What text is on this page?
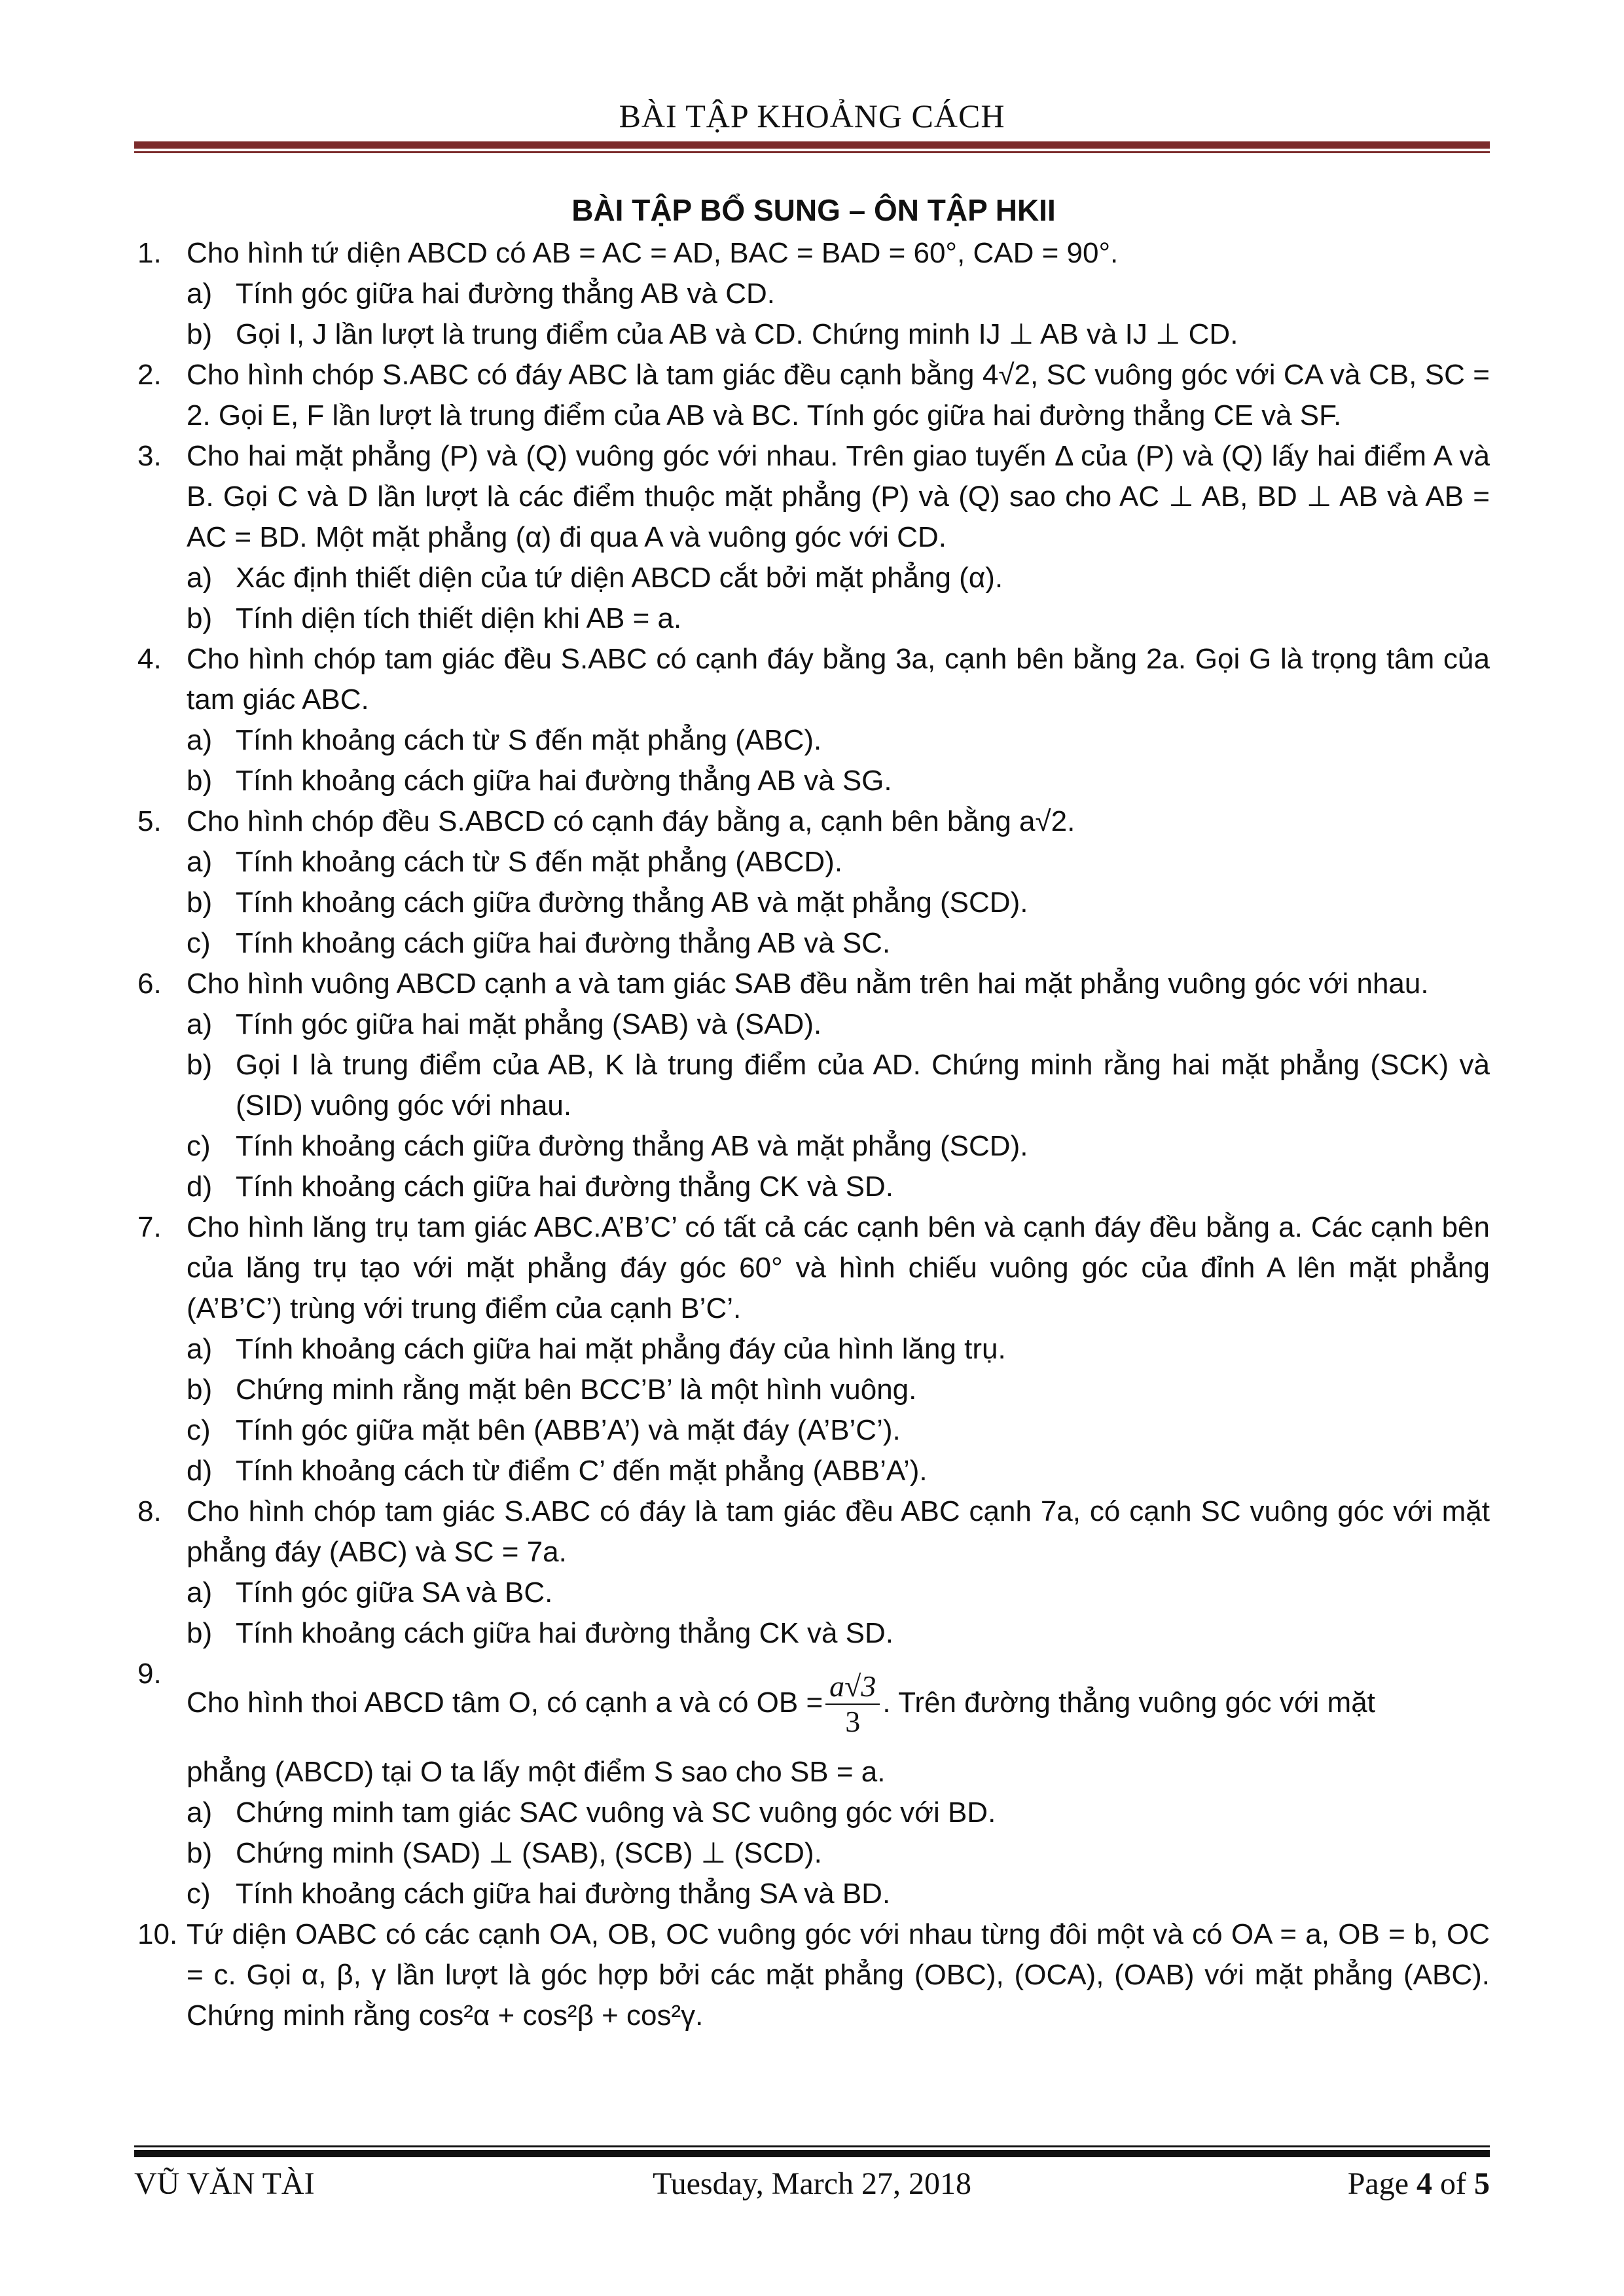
BÀI TẬP KHOẢNG CÁCH
BÀI TẬP BỔ SUNG – ÔN TẬP HKII
1. Cho hình tứ diện ABCD có AB = AC = AD, BAC = BAD = 60°, CAD = 90°.
a) Tính góc giữa hai đường thẳng AB và CD.
b) Gọi I, J lần lượt là trung điểm của AB và CD. Chứng minh IJ ⊥ AB và IJ ⊥ CD.
2. Cho hình chóp S.ABC có đáy ABC là tam giác đều cạnh bằng 4√2, SC vuông góc với CA và CB, SC = 2. Gọi E, F lần lượt là trung điểm của AB và BC. Tính góc giữa hai đường thẳng CE và SF.
3. Cho hai mặt phẳng (P) và (Q) vuông góc với nhau. Trên giao tuyến Δ của (P) và (Q) lấy hai điểm A và B. Gọi C và D lần lượt là các điểm thuộc mặt phẳng (P) và (Q) sao cho AC ⊥ AB, BD ⊥ AB và AB = AC = BD. Một mặt phẳng (α) đi qua A và vuông góc với CD.
a) Xác định thiết diện của tứ diện ABCD cắt bởi mặt phẳng (α).
b) Tính diện tích thiết diện khi AB = a.
4. Cho hình chóp tam giác đều S.ABC có cạnh đáy bằng 3a, cạnh bên bằng 2a. Gọi G là trọng tâm của tam giác ABC.
a) Tính khoảng cách từ S đến mặt phẳng (ABC).
b) Tính khoảng cách giữa hai đường thẳng AB và SG.
5. Cho hình chóp đều S.ABCD có cạnh đáy bằng a, cạnh bên bằng a√2.
a) Tính khoảng cách từ S đến mặt phẳng (ABCD).
b) Tính khoảng cách giữa đường thẳng AB và mặt phẳng (SCD).
c) Tính khoảng cách giữa hai đường thẳng AB và SC.
6. Cho hình vuông ABCD cạnh a và tam giác SAB đều nằm trên hai mặt phẳng vuông góc với nhau.
a) Tính góc giữa hai mặt phẳng (SAB) và (SAD).
b) Gọi I là trung điểm của AB, K là trung điểm của AD. Chứng minh rằng hai mặt phẳng (SCK) và (SID) vuông góc với nhau.
c) Tính khoảng cách giữa đường thẳng AB và mặt phẳng (SCD).
d) Tính khoảng cách giữa hai đường thẳng CK và SD.
7. Cho hình lăng trụ tam giác ABC.A’B’C’ có tất cả các cạnh bên và cạnh đáy đều bằng a. Các cạnh bên của lăng trụ tạo với mặt phẳng đáy góc 60° và hình chiếu vuông góc của đỉnh A lên mặt phẳng (A’B’C’) trùng với trung điểm của cạnh B’C’.
a) Tính khoảng cách giữa hai mặt phẳng đáy của hình lăng trụ.
b) Chứng minh rằng mặt bên BCC’B’ là một hình vuông.
c) Tính góc giữa mặt bên (ABB’A’) và mặt đáy (A’B’C’).
d) Tính khoảng cách từ điểm C’ đến mặt phẳng (ABB’A’).
8. Cho hình chóp tam giác S.ABC có đáy là tam giác đều ABC cạnh 7a, có cạnh SC vuông góc với mặt phẳng đáy (ABC) và SC = 7a.
a) Tính góc giữa SA và BC.
b) Tính khoảng cách giữa hai đường thẳng CK và SD.
9.
Cho hình thoi ABCD tâm O, có cạnh a và có OB = $\frac{a√3}{3}$ . Trên đường thẳng vuông góc với mặt
phẳng (ABCD) tại O ta lấy một điểm S sao cho SB = a.
a) Chứng minh tam giác SAC vuông và SC vuông góc với BD.
b) Chứng minh (SAD) ⊥ (SAB), (SCB) ⊥ (SCD).
c) Tính khoảng cách giữa hai đường thẳng SA và BD.
10. Tứ diện OABC có các cạnh OA, OB, OC vuông góc với nhau từng đôi một và có OA = a, OB = b, OC = c. Gọi α, β, γ lần lượt là góc hợp bởi các mặt phẳng (OBC), (OCA), (OAB) với mặt phẳng (ABC). Chứng minh rằng cos²α + cos²β + cos²γ.
VŨ VĂN TÀI	Tuesday, March 27, 2018	Page 4 of 5
